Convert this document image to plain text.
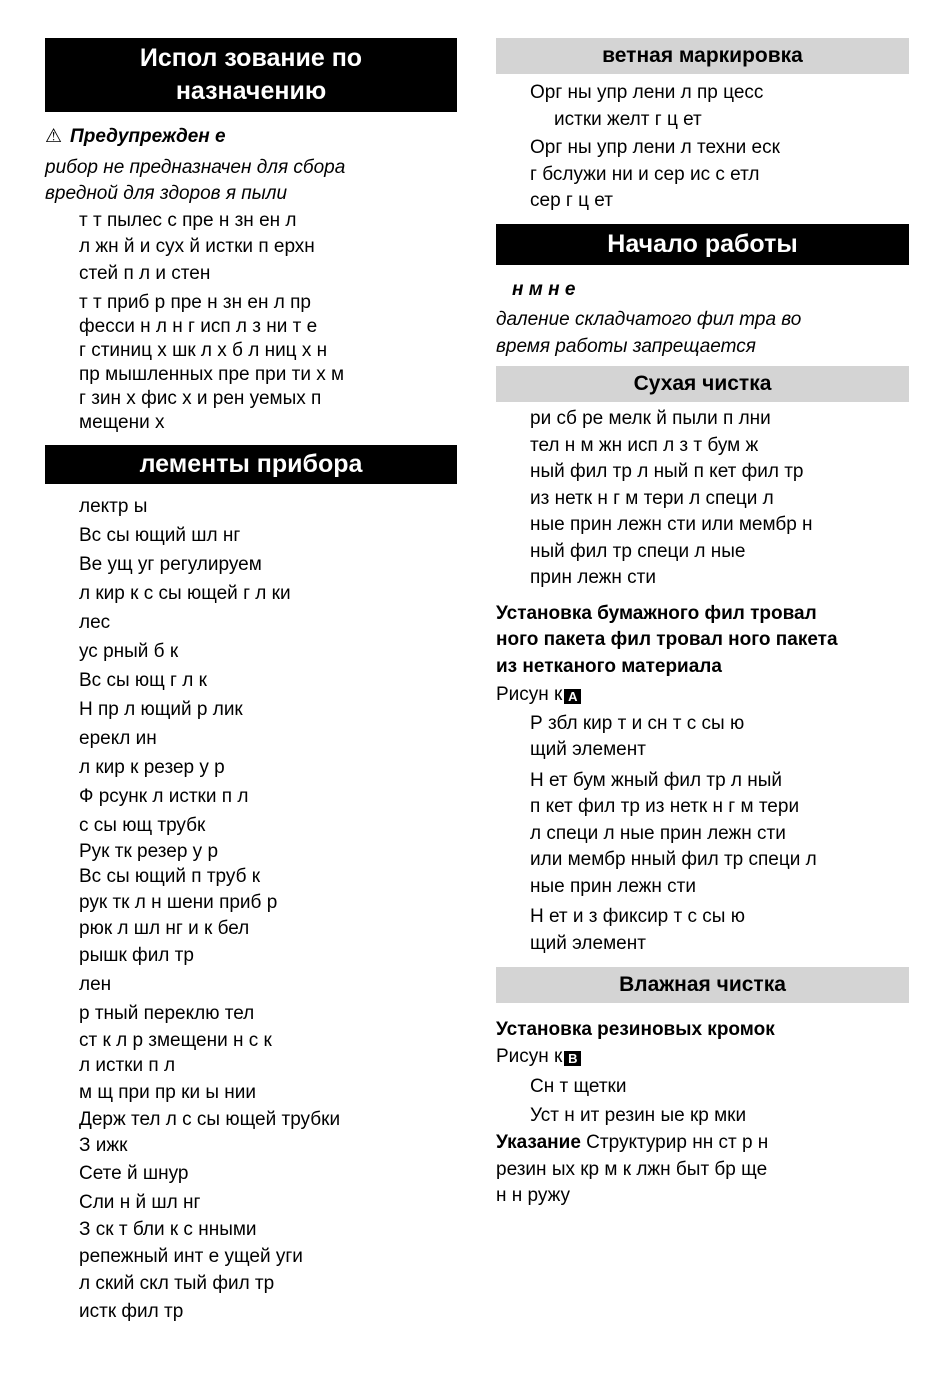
Испол зование по
назначению

⚠ Предупрежден е

рибор не предназначен для сбора

вредной для здоров я пыли

т т пылес с пре н зн ен л

л жн й и сух й истки п ерхн

стей п л и стен

т т приб р пре н зн ен л пр

фесси н л н г исп л з ни т е

г стиниц х шк л х б л ниц х н

пр мышленных пре при ти х м

г зин х фис х и рен уемых п

мещени х

лементы прибора

лектр ы

Вс сы ющий шл нг

Ве ущ уг регулируем

л кир к с сы ющей г л ки

лес

ус рный б к

Вс сы ющ г л к

Н пр л ющий р лик

ерекл ин

л кир к резер у р

Ф рсунк л истки п л

с сы ющ трубк

Рук тк резер у р

Вс сы ющий п труб к

рук тк л н шени приб р

рюк л шл нг и к бел

рышк фил тр

лен

р тный переклю тел

ст к л р змещени н с к

л истки п л

м щ при пр ки ы нии

Держ тел л с сы ющей трубки

З ижк

Сете й шнур

Сли н й шл нг

З ск т бли к с нными

репежный инт е ущей уги

л ский скл тый фил тр

истк фил тр

ветная маркировка

Орг ны упр лени л пр цесс

истки желт г ц ет

Орг ны упр лени л техни еск

г бслужи ни и сер ис с етл

сер г ц ет

Начало работы

н м н е

даление складчатого фил тра во

время работы запрещается

Сухая чистка

ри сб ре мелк й пыли п лни

тел н м жн исп л з т бум ж

ный фил тр л ный п кет фил тр

из нетк н г м тери л специ л

ные прин лежн сти или мембр н

ный фил тр специ л ные

прин лежн сти

Установка бумажного фил тровал

ного пакета фил тровал ного пакета

из нетканого материала

Рисун к A

Р збл кир т и сн т с сы ю

щий элемент

Н ет бум жный фил тр л ный

п кет фил тр из нетк н г м тери

л специ л ные прин лежн сти

или мембр нный фил тр специ л

ные прин лежн сти

Н ет и з фиксир т с сы ю

щий элемент

Влажная чистка

Установка резиновых кромок

Рисун к B

Сн т щетки

Уст н ит резин ые кр мки

Указание Структурир нн ст р н

резин ых кр м к лжн быт бр ще

н н ружу
